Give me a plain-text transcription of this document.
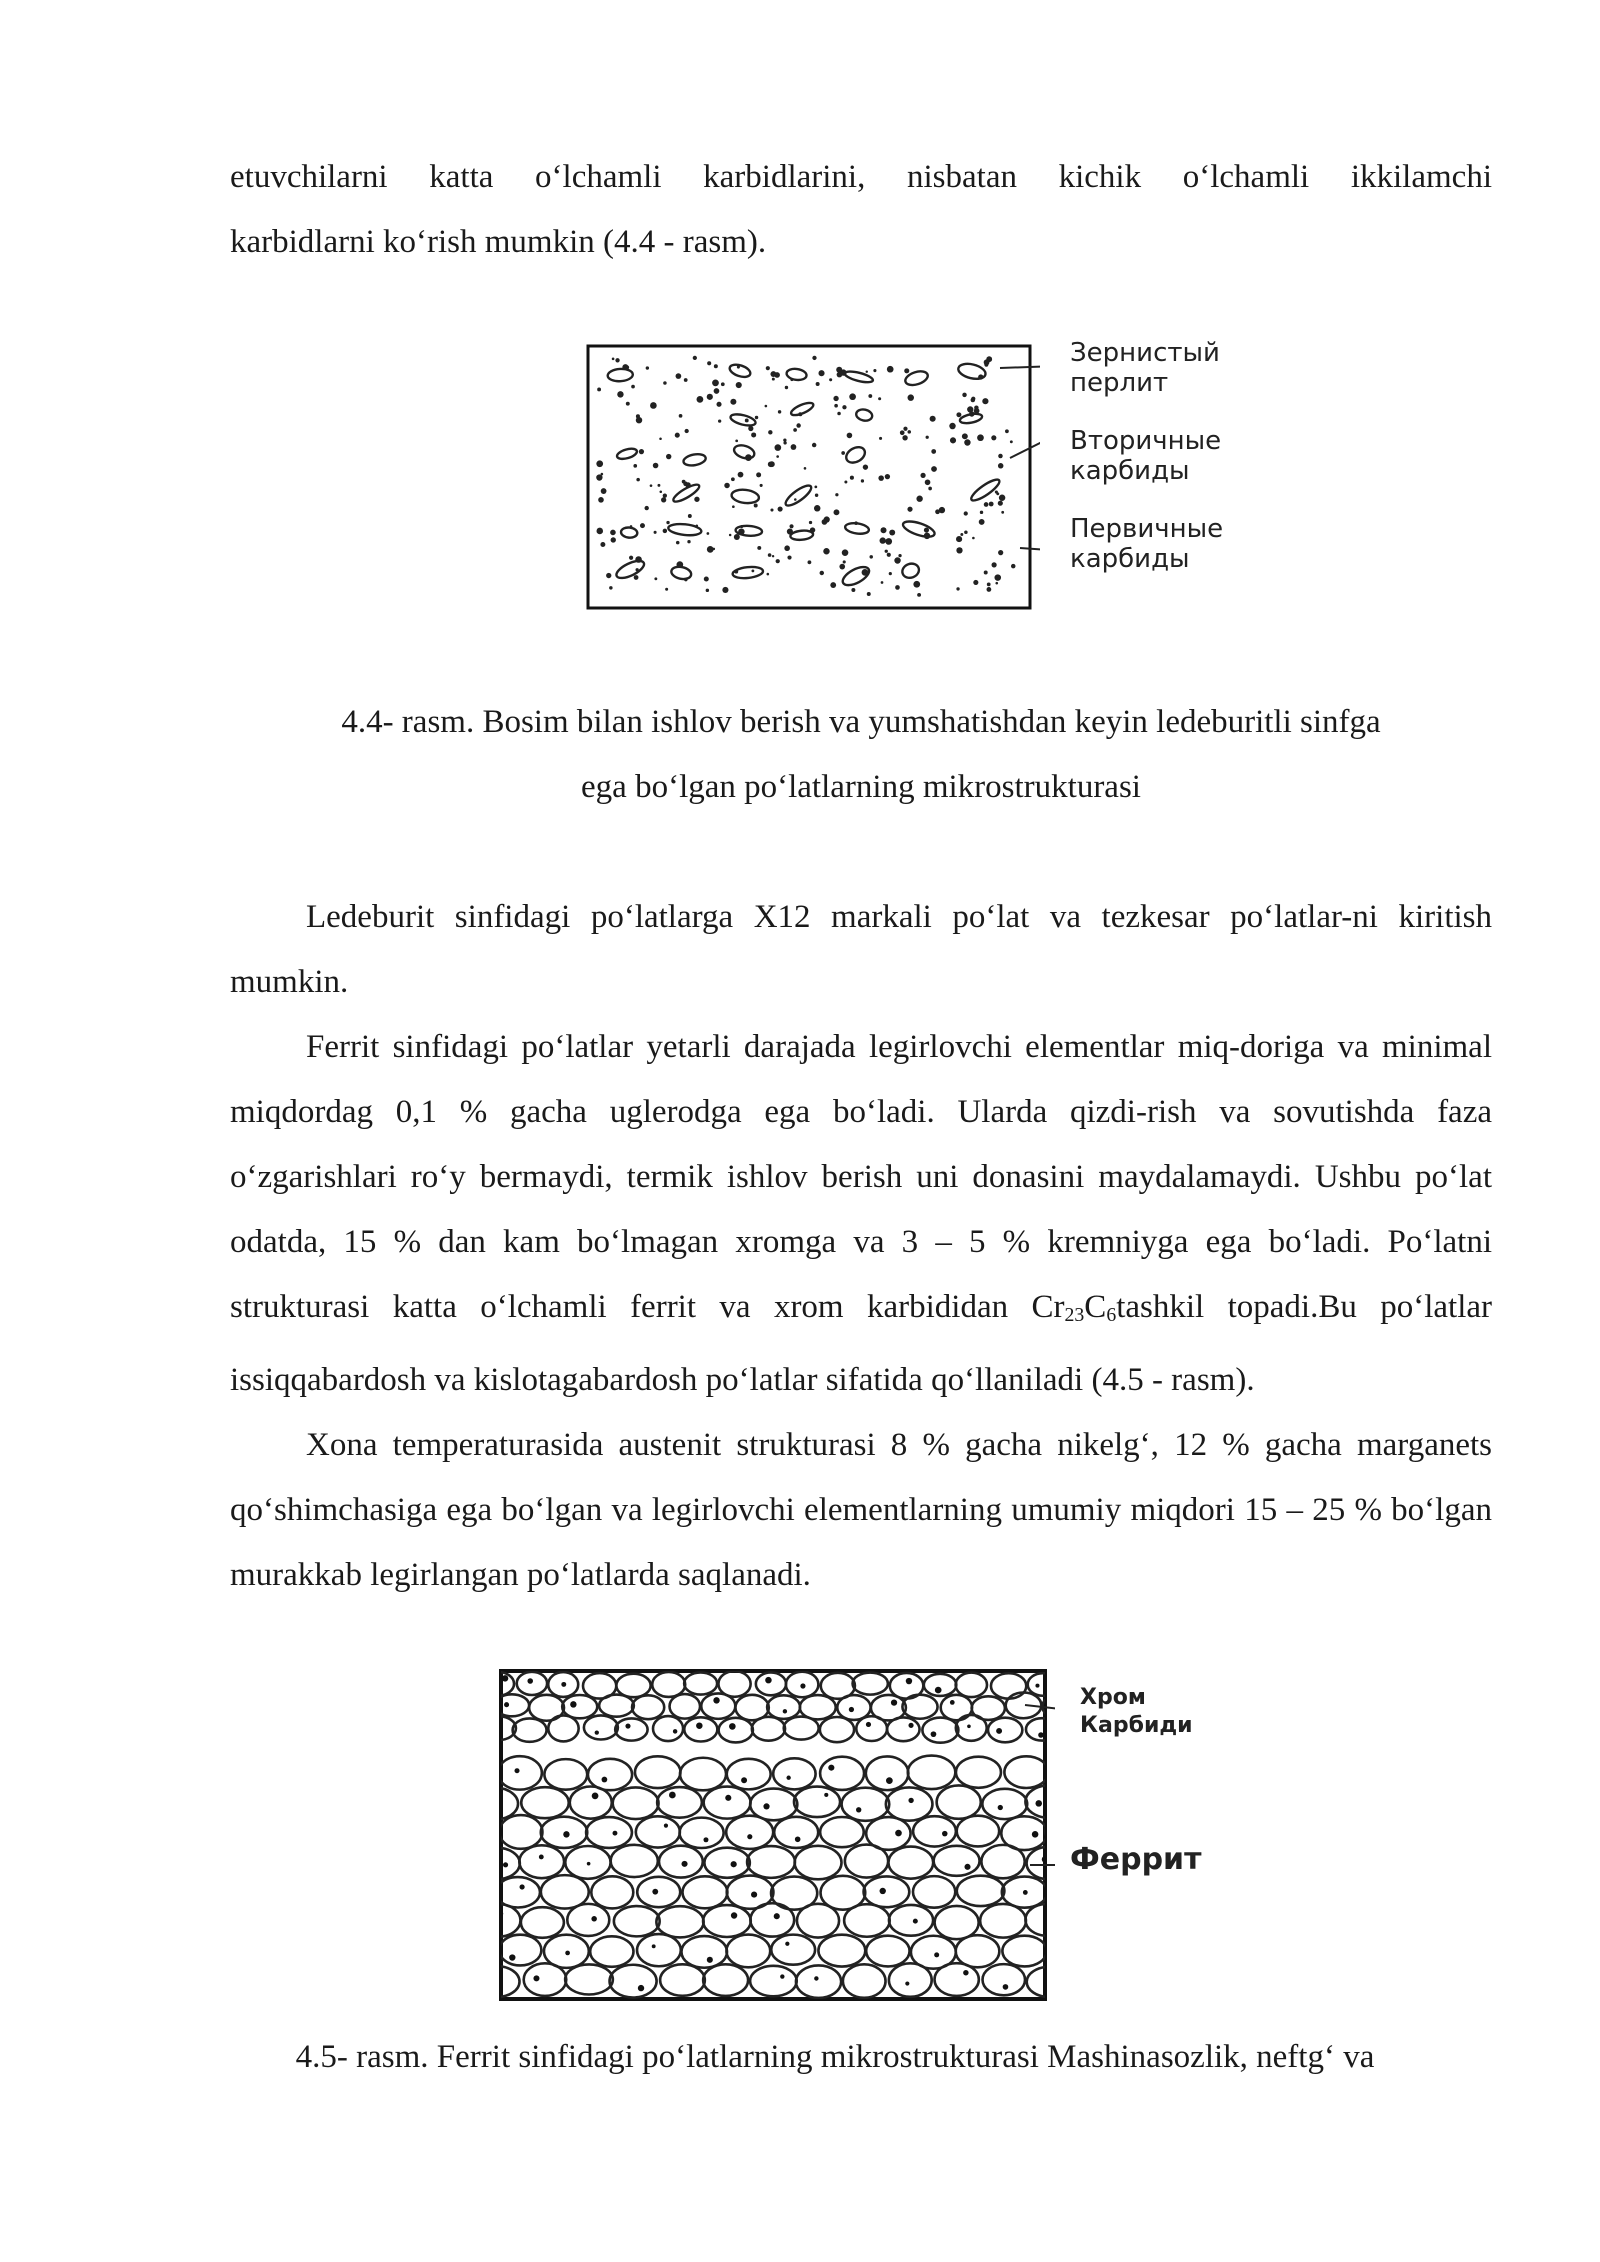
etuvchilarni katta o‘lchamli karbidlarini, nisbatan kichik o‘lchamli ikkilamchi

karbidlarni ko‘rish mumkin (4.4 - rasm).

Зернистый
перлит
Вторичные
карбиды
Первичные
карбиды

4.4- rasm. Bosim bilan ishlov berish va yumshatishdan keyin ledeburitli sinfga

ega bo‘lgan po‘latlarning mikrostrukturasi

Ledeburit sinfidagi po‘latlarga X12 markali po‘lat va tezkesar po‘latlar-ni kiritish mumkin.

Ferrit sinfidagi po‘latlar yetarli darajada legirlovchi elementlar miq-doriga va minimal miqdordag 0,1 % gacha uglerodga ega bo‘ladi. Ularda qizdi-rish va sovutishda faza o‘zgarishlari ro‘y bermaydi, termik ishlov berish uni donasini maydalamaydi. Ushbu po‘lat odatda, 15 % dan kam bo‘lmagan xromga va 3 – 5 % kremniyga ega bo‘ladi. Po‘latni strukturasi katta o‘lchamli ferrit va xrom karbididan $Cr_{23}C_6tashkil$ topadi.Bu po‘latlar issiqqabardosh va kislotagabardosh po‘latlar sifatida qo‘llaniladi (4.5 - rasm).

Xona temperaturasida austenit strukturasi 8 % gacha nikelg‘, 12 % gacha marganets qo‘shimchasiga ega bo‘lgan va legirlovchi elementlarning umumiy miqdori 15 – 25 % bo‘lgan murakkab legirlangan po‘latlarda saqlanadi.

Хром
Карбиди
Феррит
4.5- rasm. Ferrit sinfidagi po‘latlarning mikrostrukturasi Mashinasozlik, neftg‘ va
